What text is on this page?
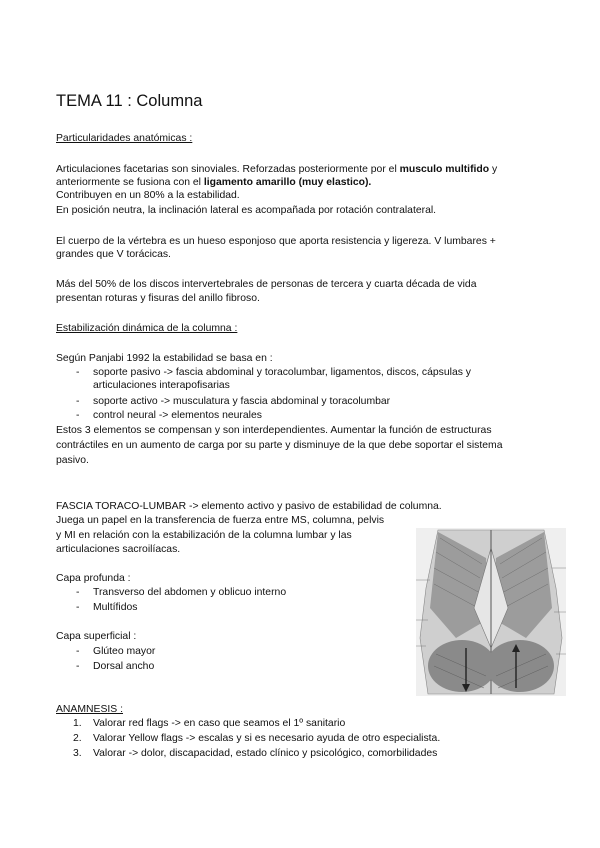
TEMA 11 : Columna
Particularidades anatómicas :
Articulaciones facetarias son sinoviales. Reforzadas posteriormente por el musculo multifido y
anteriormente se fusiona con el ligamento amarillo (muy elastico).
Contribuyen en un 80% a la estabilidad.
En posición neutra, la inclinación lateral es acompañada por rotación contralateral.
El cuerpo de la vértebra es un hueso esponjoso que aporta resistencia y ligereza. V lumbares +
grandes que V torácicas.
Más del 50% de los discos intervertebrales de personas de tercera y cuarta década de vida
presentan roturas y fisuras del anillo fibroso.
Estabilización dinámica de la columna :
Según Panjabi 1992 la estabilidad se basa en :
- soporte pasivo -> fascia abdominal y toracolumbar, ligamentos, discos, cápsulas y
articulaciones interapofisarias
- soporte activo -> musculatura y fascia abdominal y toracolumbar
- control neural -> elementos neurales
Estos 3 elementos se compensan y son interdependientes. Aumentar la función de estructuras
contráctiles en un aumento de carga por su parte y disminuye de la que debe soportar el sistema
pasivo.
FASCIA TORACO-LUMBAR -> elemento activo y pasivo de estabilidad de columna.
Juega un papel en la transferencia de fuerza entre MS, columna, pelvis
y MI en relación con la estabilización de la columna lumbar y las
articulaciones sacroilíacas.
Capa profunda :
- Transverso del abdomen y oblicuo interno
- Multífidos
Capa superficial :
- Glúteo mayor
- Dorsal ancho
ANAMNESIS :
1. Valorar red flags -> en caso que seamos el 1º sanitario
2. Valorar Yellow flags -> escalas y si es necesario ayuda de otro especialista.
3. Valorar -> dolor, discapacidad, estado clínico y psicológico, comorbilidades
